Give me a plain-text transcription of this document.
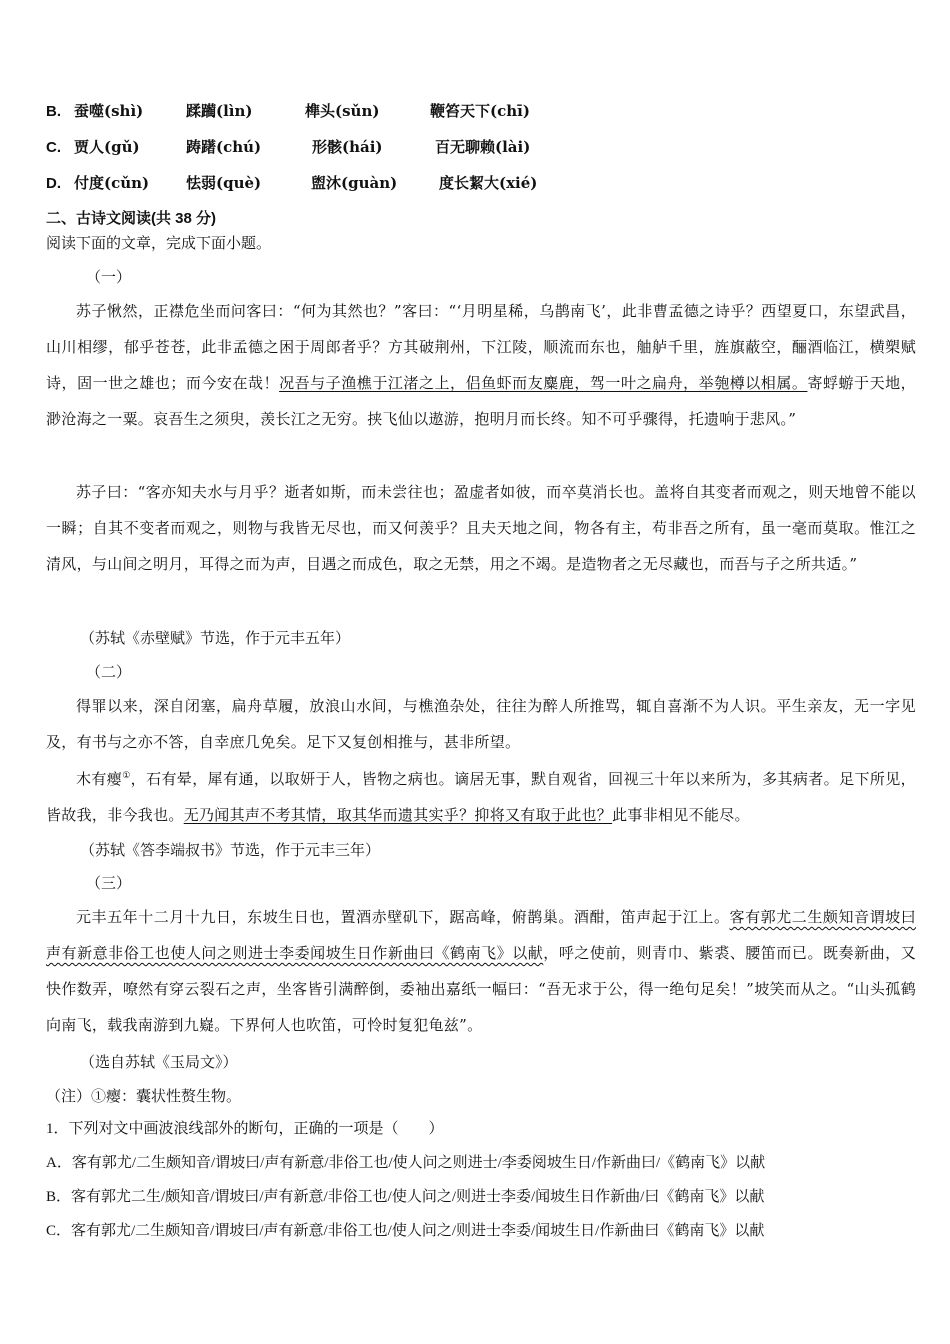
B. 蚕噬(shì)	蹂躏(lìn)	榫头(sǔn)	鞭笞天下(chī)
C. 贾人(gǔ)	踌躇(chú)	形骸(hái)	百无聊赖(lài)
D. 付度(cǔn) 怯弱(què)	盥沐(guàn)	度长絜大(xié)
二、古诗文阅读(共 38 分)
阅读下面的文章，完成下面小题。
（一）
苏子愀然，正襟危坐而问客曰：“何为其然也？”客曰：“‘月明星稀，乌鹊南飞’，此非曹孟德之诗乎？西望夏口，东望武昌，山川相缪，郁乎苍苍，此非孟德之困于周郎者乎？方其破荆州，下江陵，顺流而东也，舳舻千里，旌旗蔽空，酾酒临江，横槊赋诗，固一世之雄也；而今安在哉！况吾与子渔樵于江渚之上，侣鱼虾而友麋鹿，驾一叶之扁舟，举匏樽以相属。寄蜉蝣于天地，渺沧海之一粟。哀吾生之须臾，羡长江之无穷。挟飞仙以遨游，抱明月而长终。知不可乎骤得，托遗响于悲风。”
苏子曰：“客亦知夫水与月乎？逝者如斯，而未尝往也；盈虚者如彼，而卒莫消长也。盖将自其变者而观之，则天地曾不能以一瞬；自其不变者而观之，则物与我皆无尽也，而又何羡乎？且夫天地之间，物各有主，苟非吾之所有，虽一毫而莫取。惟江之清风，与山间之明月，耳得之而为声，目遇之而成色，取之无禁，用之不竭。是造物者之无尽藏也，而吾与子之所共适。”
（苏轼《赤壁赋》节选，作于元丰五年）
（二）
得罪以来，深自闭塞，扁舟草履，放浪山水间，与樵渔杂处，往往为醉人所推骂，辄自喜渐不为人识。平生亲友，无一字见及，有书与之亦不答，自幸庶几免矣。足下又复创相推与，甚非所望。
木有瘿①，石有晕，犀有通，以取妍于人，皆物之病也。谪居无事，默自观省，回视三十年以来所为，多其病者。足下所见，皆故我，非今我也。无乃闻其声不考其情，取其华而遗其实乎？抑将又有取于此也？此事非相见不能尽。
（苏轼《答李端叔书》节选，作于元丰三年）
（三）
元丰五年十二月十九日，东坡生日也，置酒赤壁矶下，踞高峰，俯鹊巢。酒酣，笛声起于江上。客有郭尤二生颇知音谓坡曰声有新意非俗工也使人问之则进士李委闻坡生日作新曲曰《鹤南飞》以献，呼之使前，则青巾、紫裘、腰笛而已。既奏新曲，又快作数弄，嘹然有穿云裂石之声，坐客皆引满醉倒，委袖出嘉纸一幅曰：“吾无求于公，得一绝句足矣！”坡笑而从之。“山头孤鹤向南飞，载我南游到九嶷。下界何人也吹笛，可怜时复犯龟兹”。
（选自苏轼《玉局文》）
（注）①瘿：囊状性赘生物。
1．下列对文中画波浪线部外的断句，正确的一项是（　　）
A．客有郭尤/二生颇知音/谓坡曰/声有新意/非俗工也/使人问之则进士/李委阅坡生日/作新曲曰/《鹤南飞》以献
B．客有郭尤二生/颇知音/谓坡曰/声有新意/非俗工也/使人问之/则进士李委/闻坡生日作新曲/曰《鹤南飞》以献
C．客有郭尤/二生颇知音/谓坡曰/声有新意/非俗工也/使人问之/则进士李委/闻坡生日/作新曲曰《鹤南飞》以献
